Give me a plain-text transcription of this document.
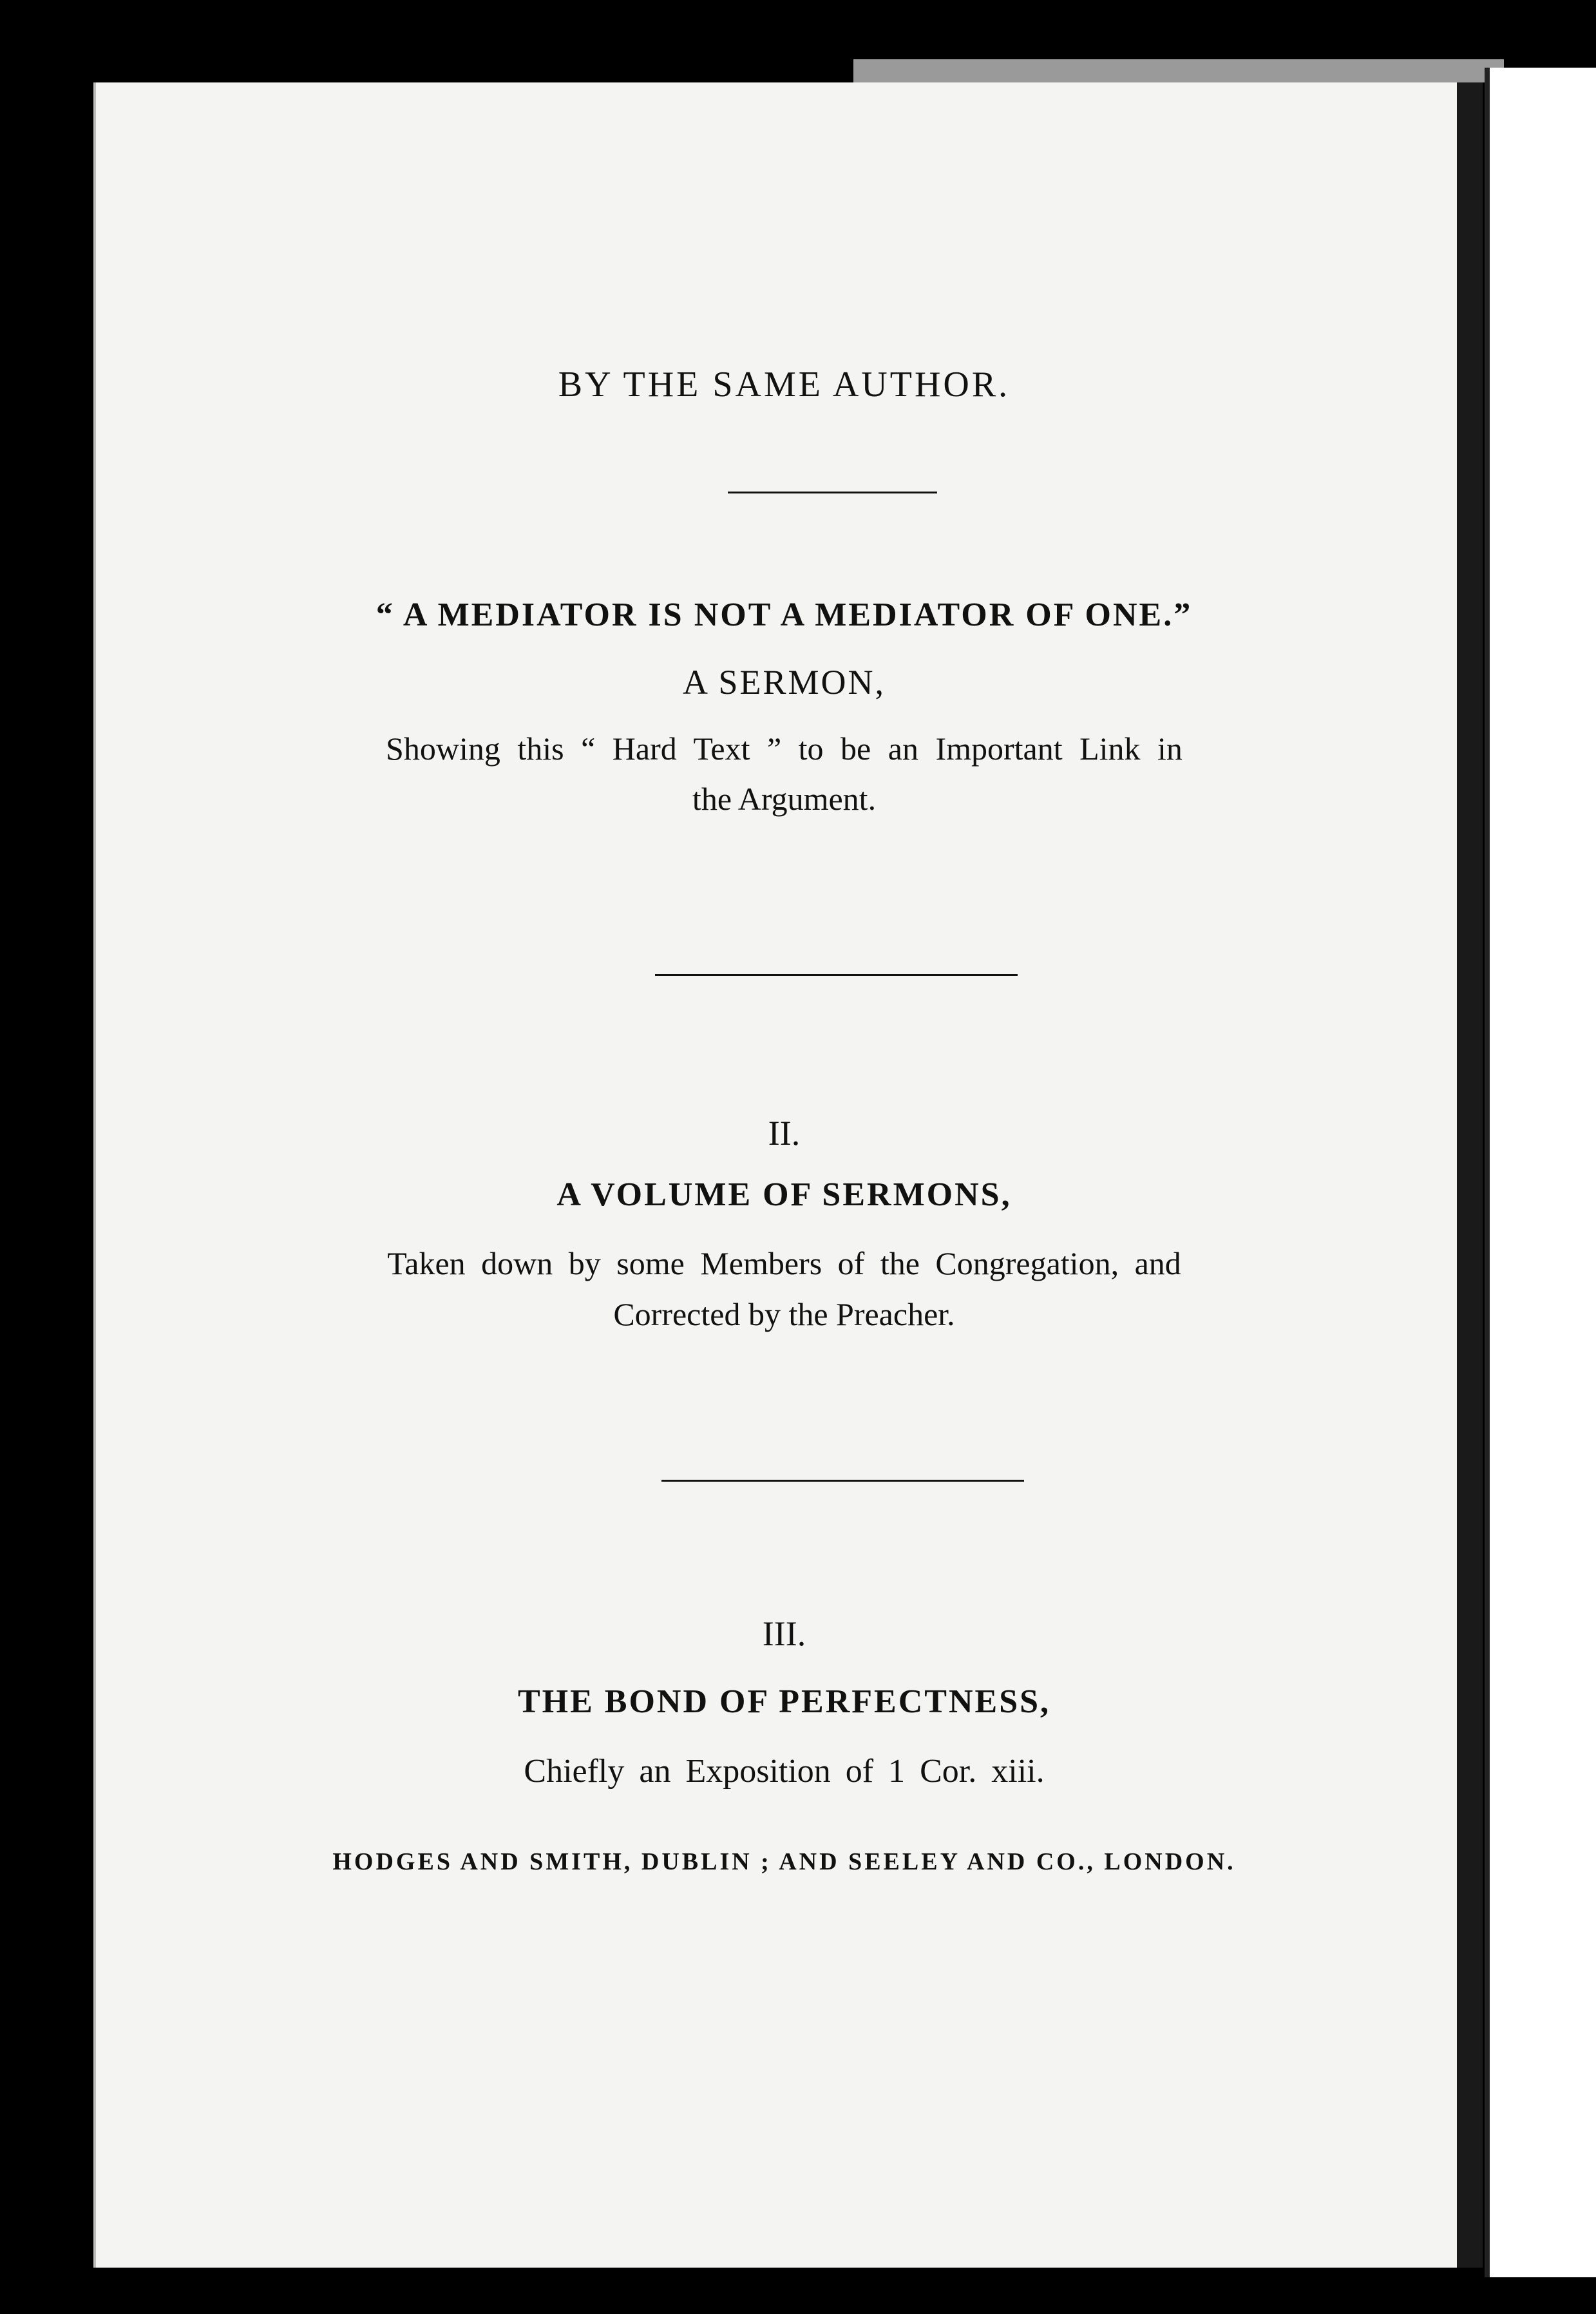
BY THE SAME AUTHOR.
“ A MEDIATOR IS NOT A MEDIATOR OF ONE.”
A SERMON,
Showing this “ Hard Text ” to be an Important Link in
the Argument.
II.
A VOLUME OF SERMONS,
Taken down by some Members of the Congregation, and
Corrected by the Preacher.
III.
THE BOND OF PERFECTNESS,
Chiefly an Exposition of 1 Cor. xiii.
HODGES AND SMITH, DUBLIN ; AND SEELEY AND CO., LONDON.
